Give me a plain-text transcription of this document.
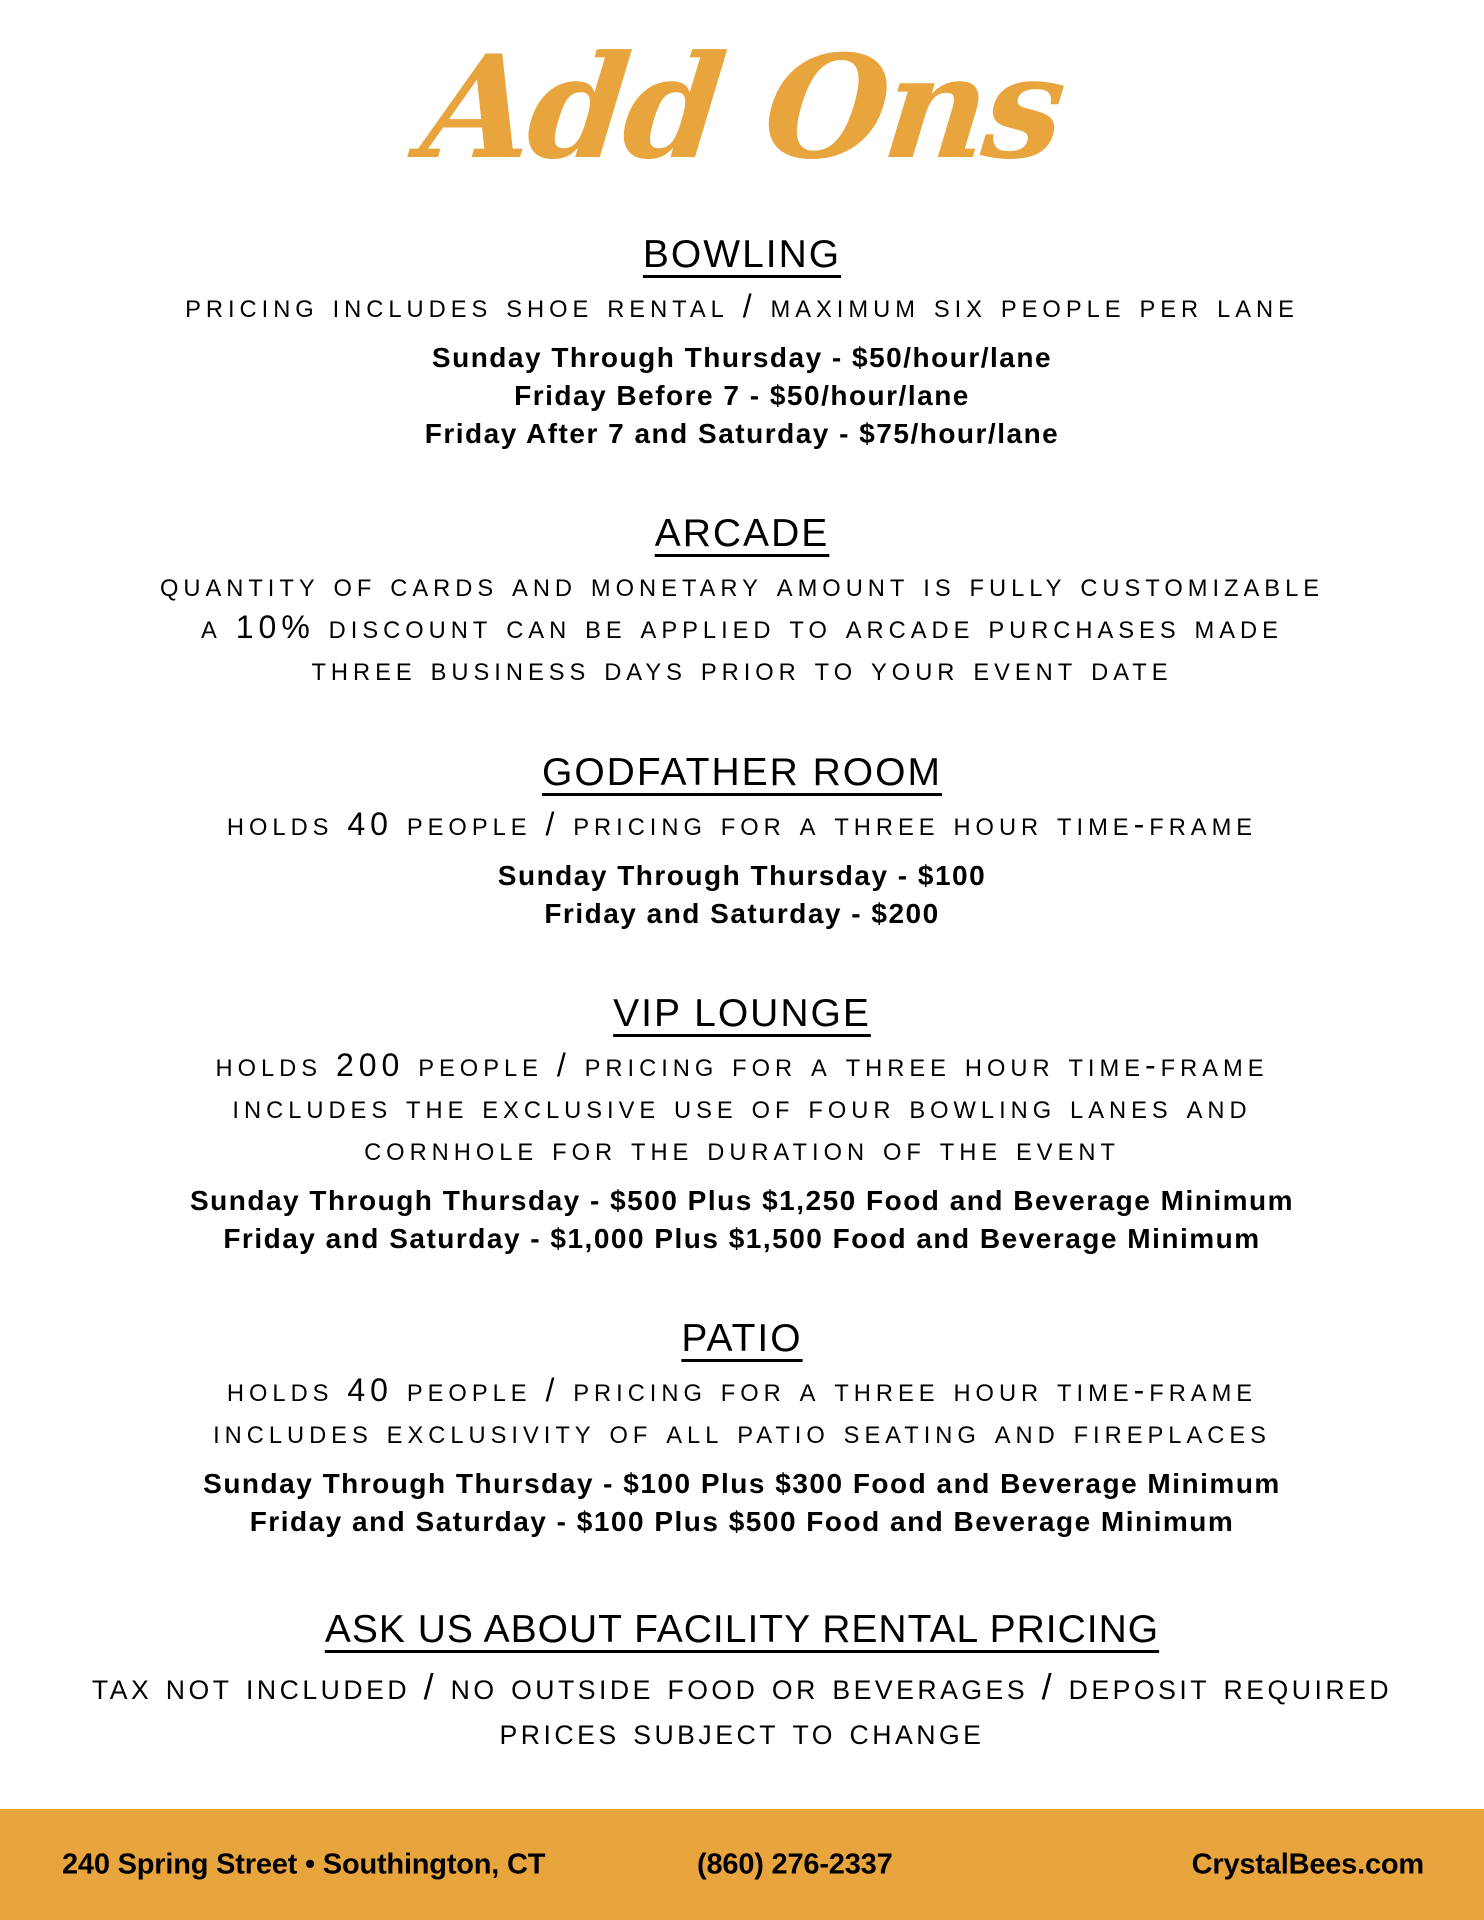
Add Ons
BOWLING
PRICING INCLUDES SHOE RENTAL / MAXIMUM SIX PEOPLE PER LANE
Sunday Through Thursday - $50/hour/lane
Friday Before 7 - $50/hour/lane
Friday After 7 and Saturday - $75/hour/lane
ARCADE
QUANTITY OF CARDS AND MONETARY AMOUNT IS FULLY CUSTOMIZABLE
A 10% DISCOUNT CAN BE APPLIED TO ARCADE PURCHASES MADE
THREE BUSINESS DAYS PRIOR TO YOUR EVENT DATE
GODFATHER ROOM
HOLDS 40 PEOPLE / PRICING FOR A THREE HOUR TIME-FRAME
Sunday Through Thursday - $100
Friday and Saturday - $200
VIP LOUNGE
HOLDS 200 PEOPLE / PRICING FOR A THREE HOUR TIME-FRAME
INCLUDES THE EXCLUSIVE USE OF FOUR BOWLING LANES AND
CORNHOLE FOR THE DURATION OF THE EVENT
Sunday Through Thursday - $500 Plus $1,250 Food and Beverage Minimum
Friday and Saturday - $1,000 Plus $1,500 Food and Beverage Minimum
PATIO
HOLDS 40 PEOPLE / PRICING FOR A THREE HOUR TIME-FRAME
INCLUDES EXCLUSIVITY OF ALL PATIO SEATING AND FIREPLACES
Sunday Through Thursday - $100 Plus $300 Food and Beverage Minimum
Friday and Saturday - $100 Plus $500 Food and Beverage Minimum
ASK US ABOUT FACILITY RENTAL PRICING
TAX NOT INCLUDED / NO OUTSIDE FOOD OR BEVERAGES / DEPOSIT REQUIRED
PRICES SUBJECT TO CHANGE
240 Spring Street • Southington, CT	(860) 276-2337	CrystalBees.com
